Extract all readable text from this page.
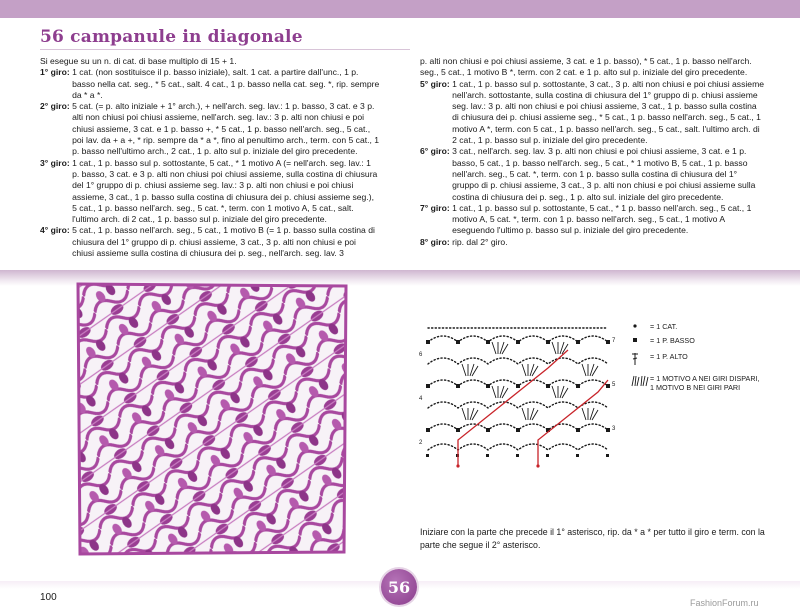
56 campanule in diagonale

Si esegue su un n. di cat. di base multiplo di 15 + 1.

1° giro:
1 cat. (non sostituisce il p. basso iniziale), salt. 1 cat. a partire dall'unc., 1 p. basso nella cat. seg., * 5 cat., salt. 4 cat., 1 p. basso nella cat. seg. *, rip. sempre da * a *.
2° giro:
5 cat. (= p. alto iniziale + 1° arch.), + nell'arch. seg. lav.: 1 p. basso, 3 cat. e 3 p. alti non chiusi poi chiusi assieme, nell'arch. seg. lav.: 3 p. alti non chiusi e poi chiusi assieme, 3 cat. e 1 p. basso +, * 5 cat., 1 p. basso nell'arch. seg., 5 cat., poi lav. da + a +, * rip. sempre da * a *, fino al penultimo arch., term. con 5 cat., 1 p. basso nell'ultimo arch., 2 cat., 1 p. alto sul p. iniziale del giro precedente.
3° giro:
1 cat., 1 p. basso sul p. sottostante, 5 cat., * 1 motivo A (= nell'arch. seg. lav.: 1 p. basso, 3 cat. e 3 p. alti non chiusi poi chiusi assieme, sulla costina di chiusura del 1° gruppo di p. chiusi assieme seg. lav.: 3 p. alti non chiusi e poi chiusi assieme, 3 cat., 1 p. basso sulla costina di chiusura dei p. chiusi assieme seg.), 5 cat., 1 p. basso nell'arch. seg., 5 cat. *, term. con 1 motivo A, 5 cat., salt. l'ultimo arch. di 2 cat., 1 p. basso sul p. iniziale del giro precedente.
4° giro:
5 cat., 1 p. basso nell'arch. seg., 5 cat., 1 motivo B (= 1 p. basso sulla costina di chiusura del 1° gruppo di p. chiusi assieme, 3 cat., 3 p. alti non chiusi e poi chiusi assieme sulla costina di chiusura dei p. seg., nell'arch. seg. lav. 3
p. alti non chiusi e poi chiusi assieme, 3 cat. e 1 p. basso), * 5 cat., 1 p. basso nell'arch. seg., 5 cat., 1 motivo B *, term. con 2 cat. e 1 p. alto sul p. iniziale del giro precedente.
5° giro:
1 cat., 1 p. basso sul p. sottostante, 3 cat., 3 p. alti non chiusi e poi chiusi assieme nell'arch. sottostante, sulla costina di chiusura del 1° gruppo di p. chiusi assieme seg. lav.: 3 p. alti non chiusi e poi chiusi assieme, 3 cat., 1 p. basso sulla costina di chiusura dei p. chiusi assieme seg., * 5 cat., 1 p. basso nell'arch. seg., 5 cat., 1 motivo A *, term. con 5 cat., 1 p. basso nell'arch. seg., 5 cat., salt. l'ultimo arch. di 2 cat., 1 p. basso sul p. iniziale del giro precedente.
6° giro:
3 cat., nell'arch. seg. lav. 3 p. alti non chiusi e poi chiusi assieme, 3 cat. e 1 p. basso, 5 cat., 1 p. basso nell'arch. seg., 5 cat., * 1 motivo B, 5 cat., 1 p. basso nell'arch. seg., 5 cat. *, term. con 1 p. basso sulla costina di chiusura del 1° gruppo di p. chiusi assieme, 3 cat., 3 p. alti non chiusi e poi chiusi assieme sulla costina di chiusura dei p. seg., 1 p. alto sul. iniziale del giro precedente.
7° giro:
1 cat., 1 p. basso sul p. sottostante, 5 cat., * 1 p. basso nell'arch. seg., 5 cat., 1 motivo A, 5 cat. *, term. con 1 p. basso nell'arch. seg., 5 cat., 1 motivo A eseguendo l'ultimo p. basso sul p. iniziale del giro precedente.
8° giro:
rip. dal 2° giro.
6
4
2
7
5
3
= 1 CAT.
= 1 P. BASSO
= 1 P. ALTO
= 1 MOTIVO A NEI GIRI DISPARI,
1 MOTIVO B NEI GIRI PARI

Iniziare con la parte che precede il 1° asterisco, rip. da * a * per tutto il giro e term. con la parte che segue il 2° asterisco.

56
100	FashionForum.ru
